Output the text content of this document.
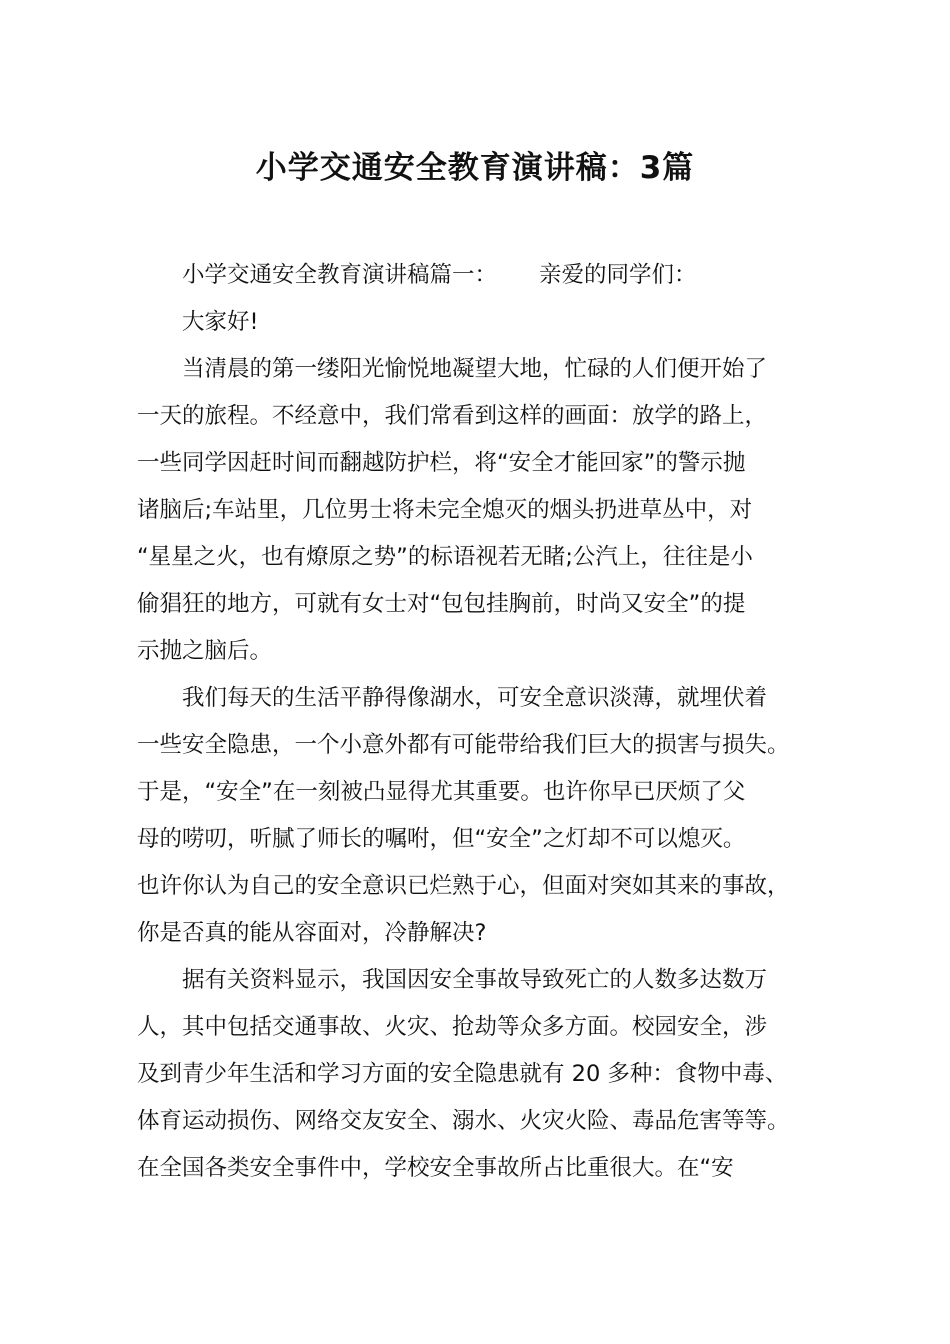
小学交通安全教育演讲稿：3篇
小学交通安全教育演讲稿篇一： 亲爱的同学们：
大家好!
当清晨的第一缕阳光愉悦地凝望大地，忙碌的人们便开始了
一天的旅程。不经意中，我们常看到这样的画面：放学的路上，
一些同学因赶时间而翻越防护栏，将“安全才能回家”的警示抛
诸脑后;车站里，几位男士将未完全熄灭的烟头扔进草丛中，对
“星星之火，也有燎原之势”的标语视若无睹;公汽上，往往是小
偷猖狂的地方，可就有女士对“包包挂胸前，时尚又安全”的提
示抛之脑后。
我们每天的生活平静得像湖水，可安全意识淡薄，就埋伏着
一些安全隐患，一个小意外都有可能带给我们巨大的损害与损失。
于是，“安全”在一刻被凸显得尤其重要。也许你早已厌烦了父
母的唠叨，听腻了师长的嘱咐，但“安全”之灯却不可以熄灭。
也许你认为自己的安全意识已烂熟于心，但面对突如其来的事故，
你是否真的能从容面对，冷静解决?
据有关资料显示，我国因安全事故导致死亡的人数多达数万
人，其中包括交通事故、火灾、抢劫等众多方面。校园安全，涉
及到青少年生活和学习方面的安全隐患就有 20 多种：食物中毒、
体育运动损伤、网络交友安全、溺水、火灾火险、毒品危害等等。
在全国各类安全事件中，学校安全事故所占比重很大。在“安
